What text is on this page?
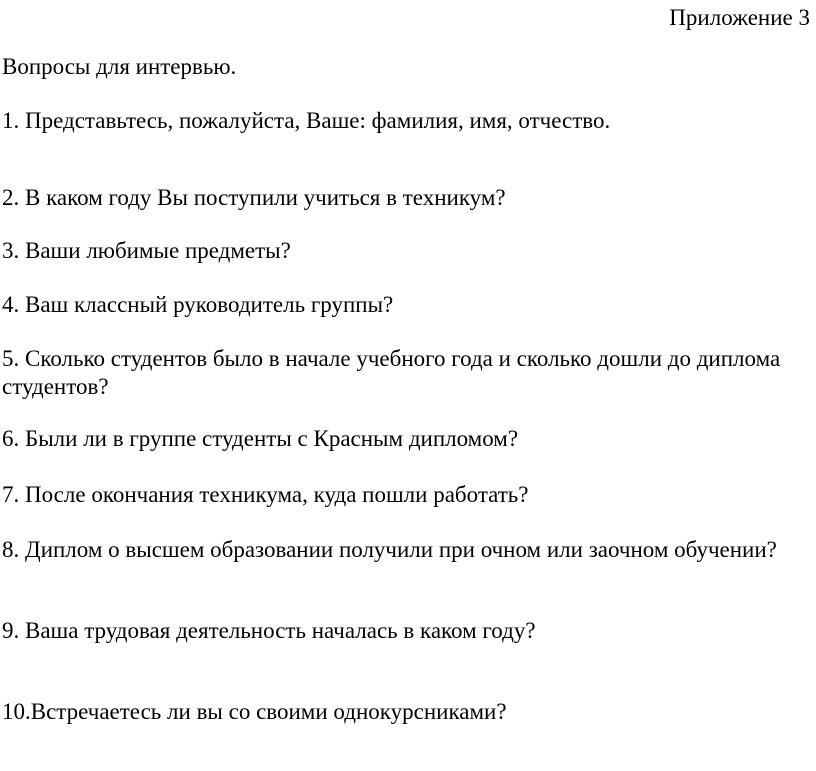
Приложение 3
Вопросы для интервью.
1. Представьтесь, пожалуйста, Ваше: фамилия, имя, отчество.
2. В каком году Вы поступили учиться в техникум?
3. Ваши любимые предметы?
4. Ваш классный руководитель группы?
5. Сколько студентов было в начале учебного года и сколько дошли до диплома студентов?
6. Были ли в группе студенты с Красным дипломом?
7. После окончания техникума, куда пошли работать?
8. Диплом о высшем образовании получили при очном или заочном обучении?
9. Ваша трудовая деятельность началась в каком году?
10.Встречаетесь ли вы со своими однокурсниками?
